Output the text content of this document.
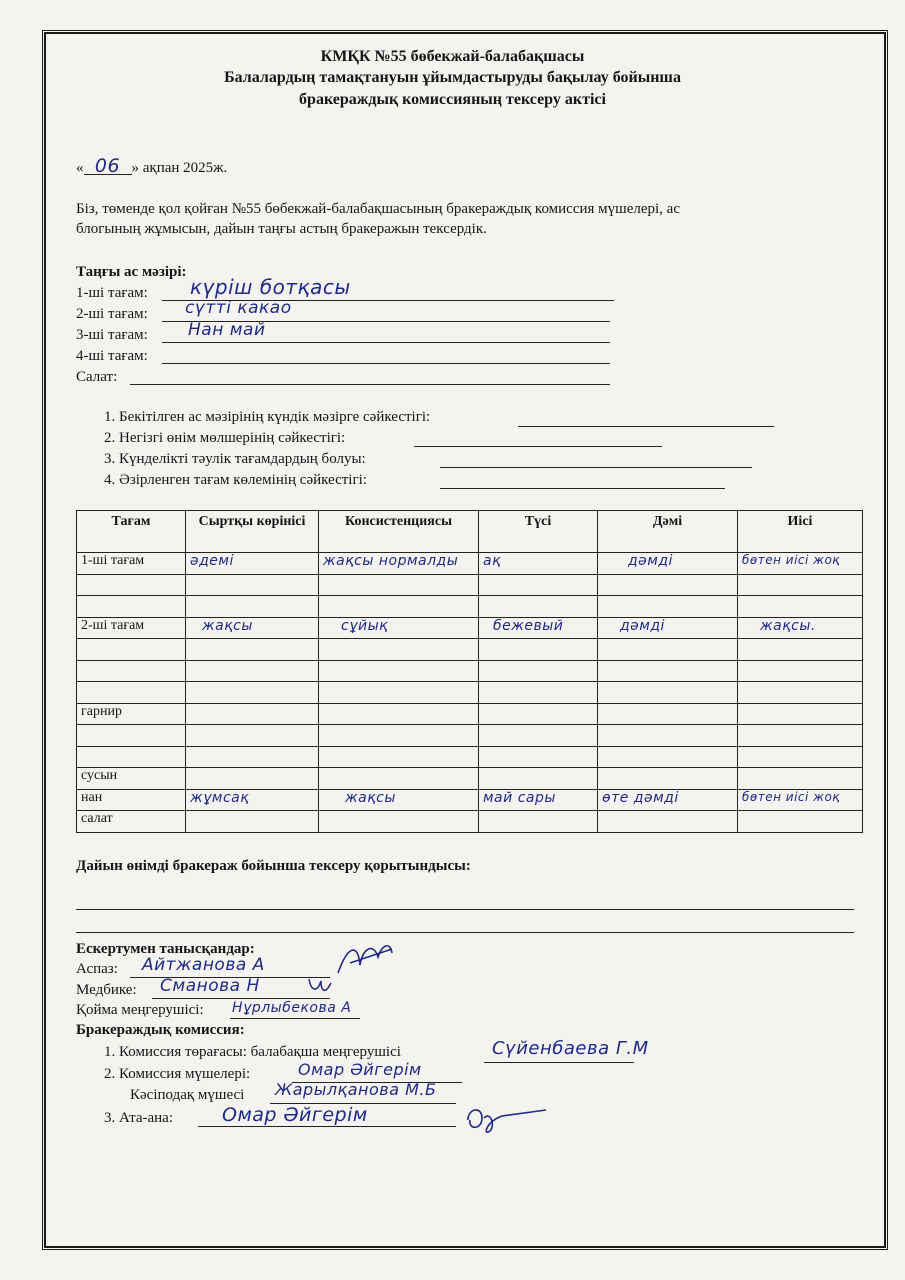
КМҚК №55 бөбекжай-балабақшасы
Балалардың тамақтануын ұйымдастыруды бақылау бойынша
бракераждық комиссияның тексеру актісі
« 06 » ақпан 2025ж.
Біз, төменде қол қойған №55 бөбекжай-балабақшасының бракераждық комиссия мүшелері, ас
блогының жұмысын, дайын таңғы астың бракеражын тексердік.
Таңғы ас мәзірі:
1-ші тағам: күріш ботқасы
2-ші тағам: сүтті какао
3-ші тағам: Нан май
4-ші тағам:
Салат:
1. Бекітілген ас мәзірінің күндік мәзірге сәйкестігі:
2. Негізгі өнім мөлшерінің сәйкестігі:
3. Күнделікті тәулік тағамдардың болуы:
4. Әзірленген тағам көлемінің сәйкестігі:
Тағам	Сыртқы көрінісі	Консистенциясы	Түсі	Дәмі	Иісі
1-ші тағам	әдемі	жақсы нормалды	ақ	дәмді	бөтен иісі жоқ

2-ші тағам	жақсы	сұйық	бежевый	дәмді	жақсы.

гарнир					

сусын					
нан	жұмсақ	жақсы	май сары	өте дәмді	бөтен иісі жоқ
салат					
Дайын өнімді бракераж бойынша тексеру қорытындысы:
Ескертумен танысқандар:
Аспаз: Айтжанова А
Медбике: Сманова Н
Қойма меңгерушісі: Нұрлыбекова А
Бракераждық комиссия:
1. Комиссия төрағасы: балабақша меңгерушісі	Сүйенбаева Г.М
2. Комиссия мүшелері:	Омар Әйгерім
Кәсіподақ мүшесі Жарылқанова М.Б
3. Ата-ана:	Омар Әйгерім
